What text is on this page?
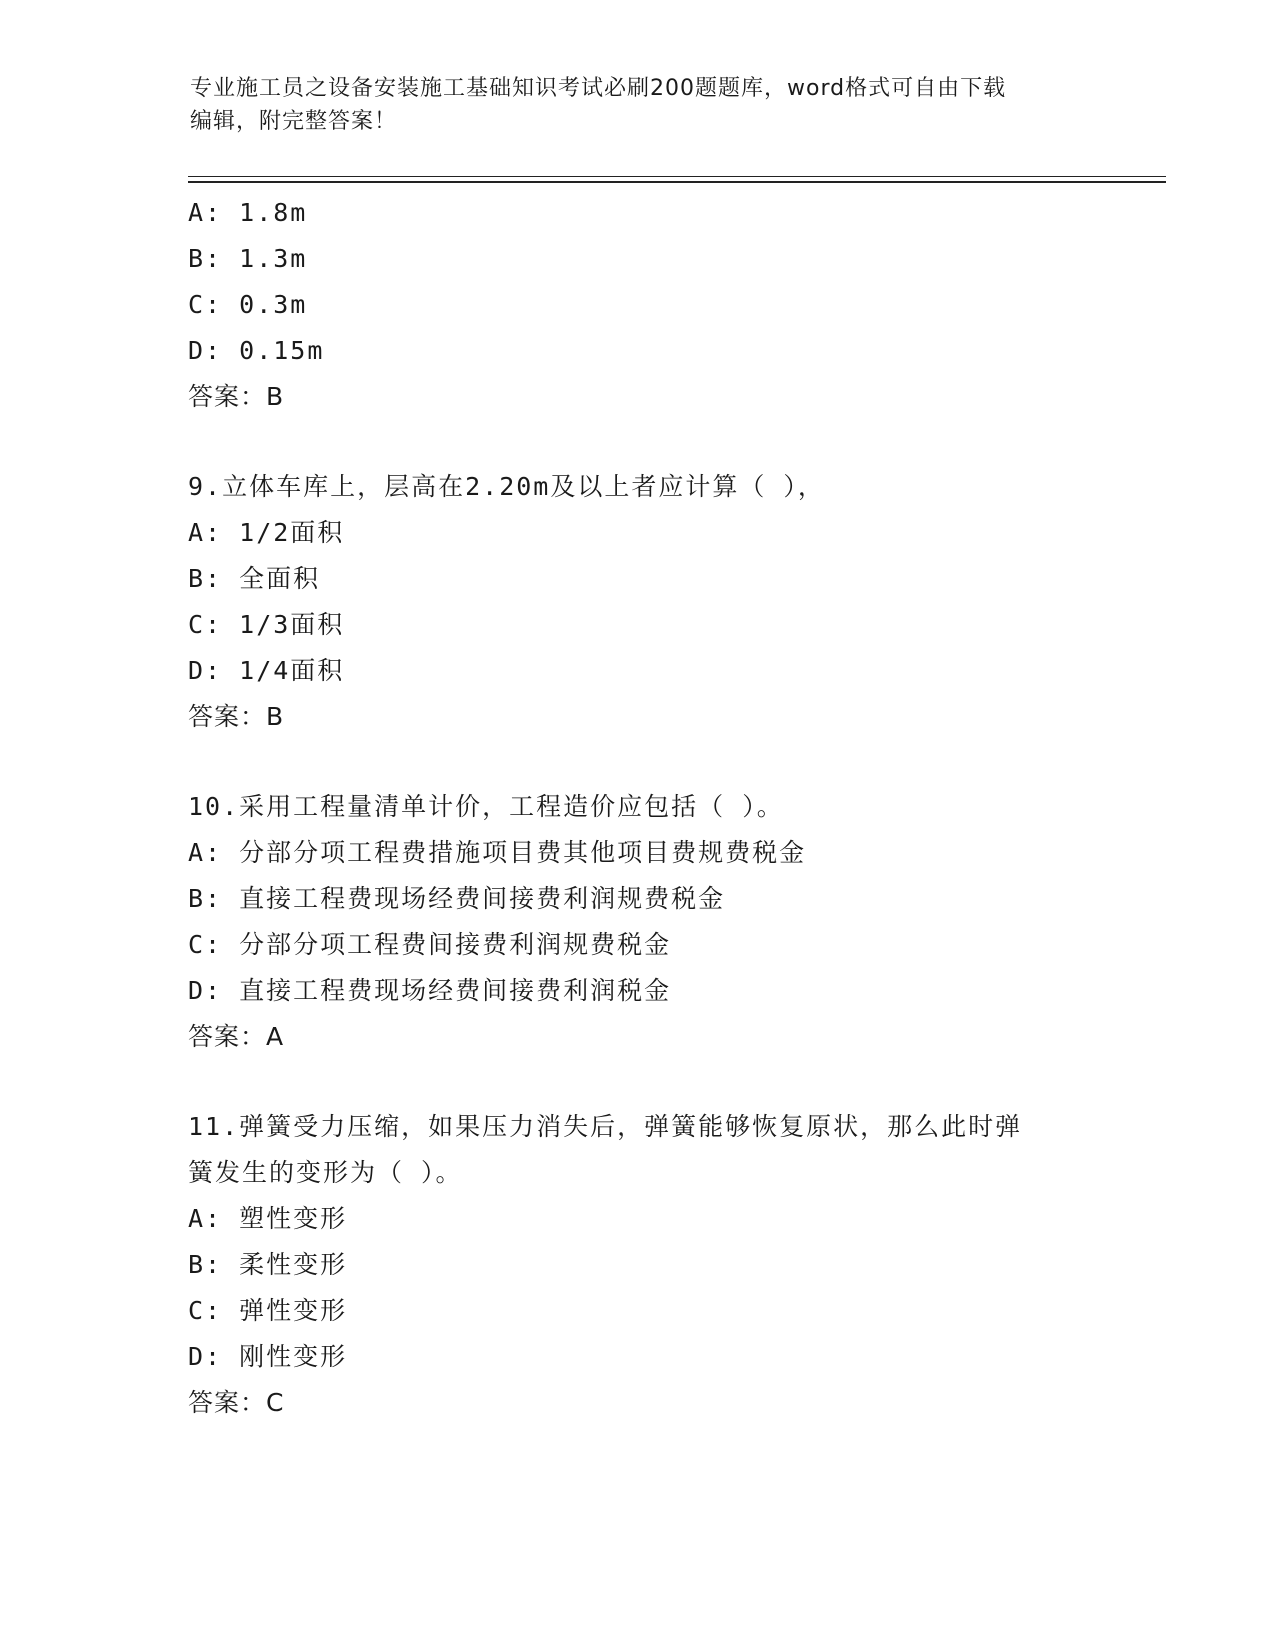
专业施工员之设备安装施工基础知识考试必刷200题题库，word格式可自由下载
编辑，附完整答案！
A: 1.8m
B: 1.3m
C: 0.3m
D: 0.15m
答案：B
9.立体车库上，层高在2.20m及以上者应计算（ ），
A: 1/2面积
B: 全面积
C: 1/3面积
D: 1/4面积
答案：B
10.采用工程量清单计价，工程造价应包括（ ）。
A: 分部分项工程费措施项目费其他项目费规费税金
B: 直接工程费现场经费间接费利润规费税金
C: 分部分项工程费间接费利润规费税金
D: 直接工程费现场经费间接费利润税金
答案：A
11.弹簧受力压缩，如果压力消失后，弹簧能够恢复原状，那么此时弹
簧发生的变形为（ ）。
A: 塑性变形
B: 柔性变形
C: 弹性变形
D: 刚性变形
答案：C
